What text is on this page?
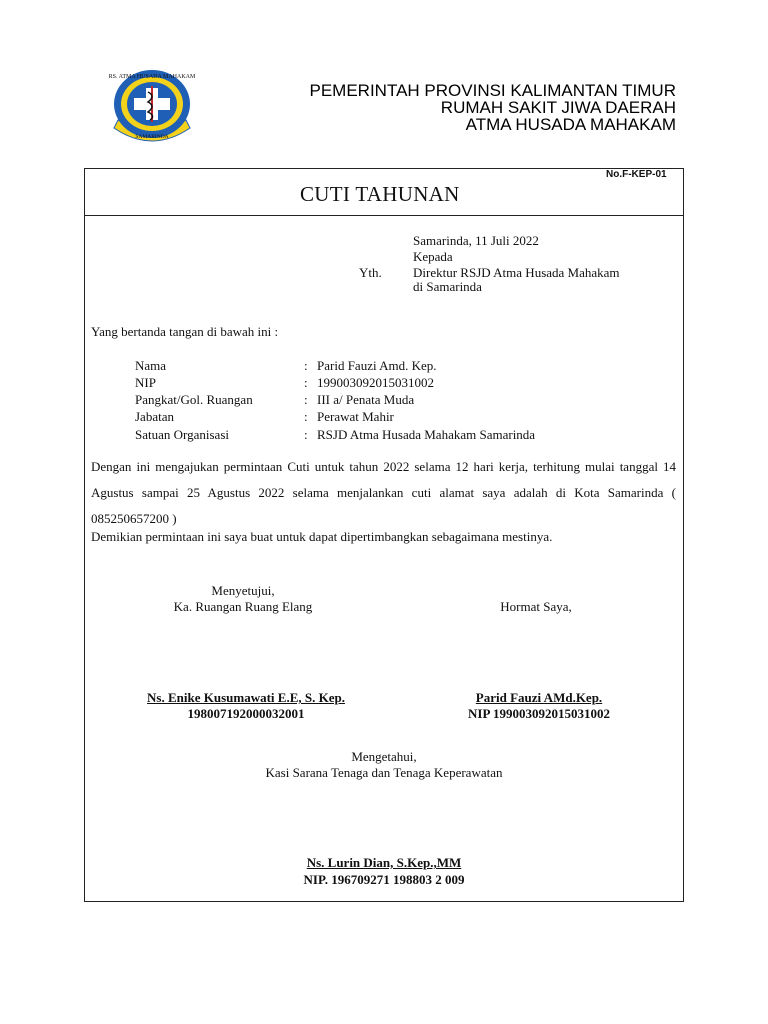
RS. ATMA HUSADA MAHAKAM
SAMARINDA
PEMERINTAH PROVINSI KALIMANTAN TIMUR
RUMAH SAKIT JIWA DAERAH
ATMA HUSADA MAHAKAM
No.F-KEP-01
CUTI TAHUNAN
Samarinda, 11 Juli 2022
Kepada
Yth. Direktur RSJD Atma Husada Mahakam
di Samarinda
Yang bertanda tangan di bawah ini :
Nama	: Parid Fauzi Amd. Kep.
NIP	: 199003092015031002
Pangkat/Gol. Ruangan	: III a/ Penata Muda
Jabatan	: Perawat Mahir
Satuan Organisasi	: RSJD Atma Husada Mahakam Samarinda
Dengan ini mengajukan permintaan Cuti untuk tahun 2022 selama 12 hari kerja, terhitung mulai tanggal 14 Agustus sampai 25 Agustus 2022 selama menjalankan cuti alamat saya adalah di Kota Samarinda ( 085250657200 )
Demikian permintaan ini saya buat untuk dapat dipertimbangkan sebagaimana mestinya.
Menyetujui,
Ka. Ruangan Ruang Elang
Ns. Enike Kusumawati E.E, S. Kep.
198007192000032001
Hormat Saya,
Parid Fauzi AMd.Kep.
NIP 199003092015031002
Mengetahui,
Kasi Sarana Tenaga dan Tenaga Keperawatan
Ns. Lurin Dian, S.Kep.,MM
NIP. 196709271 198803 2 009
